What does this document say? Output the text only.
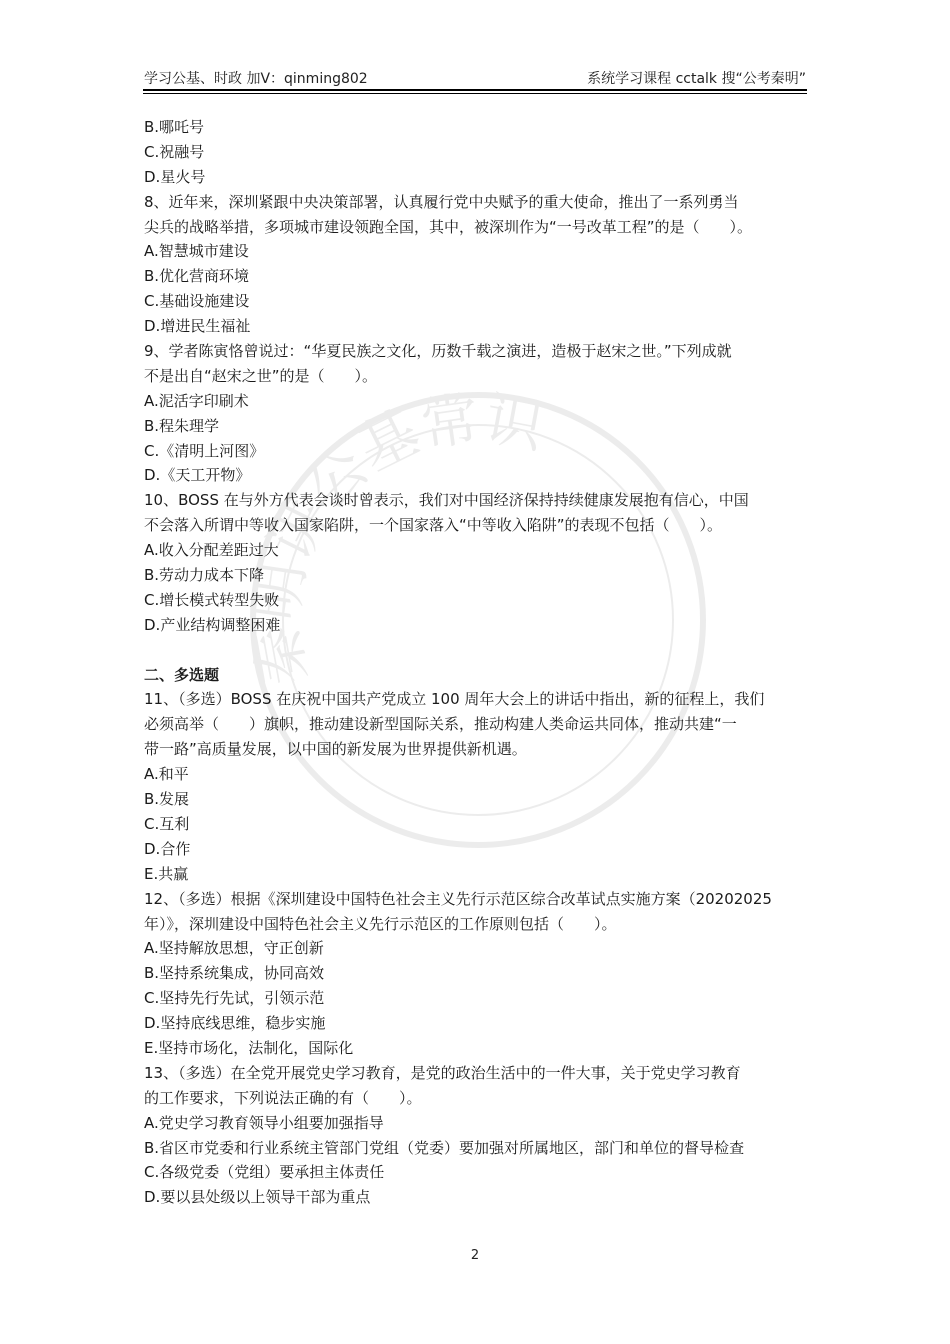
学习公基、时政 加V：qinming802	系统学习课程 cctalk 搜“公考秦明”
秦明讲公基常识
B.哪吒号
C.祝融号
D.星火号
8、近年来，深圳紧跟中央决策部署，认真履行党中央赋予的重大使命，推出了一系列勇当
尖兵的战略举措，多项城市建设领跑全国，其中，被深圳作为“一号改革工程”的是（　　）。
A.智慧城市建设
B.优化营商环境
C.基础设施建设
D.增进民生福祉
9、学者陈寅恪曾说过：“华夏民族之文化，历数千载之演进，造极于赵宋之世。”下列成就
不是出自“赵宋之世”的是（　　）。
A.泥活字印刷术
B.程朱理学
C.《清明上河图》
D.《天工开物》
10、BOSS 在与外方代表会谈时曾表示，我们对中国经济保持持续健康发展抱有信心，中国
不会落入所谓中等收入国家陷阱，一个国家落入“中等收入陷阱”的表现不包括（　　）。
A.收入分配差距过大
B.劳动力成本下降
C.增长模式转型失败
D.产业结构调整困难
二、多选题
11、（多选）BOSS 在庆祝中国共产党成立 100 周年大会上的讲话中指出，新的征程上，我们
必须高举（　　）旗帜，推动建设新型国际关系，推动构建人类命运共同体，推动共建“一
带一路”高质量发展，以中国的新发展为世界提供新机遇。
A.和平
B.发展
C.互利
D.合作
E.共赢
12、（多选）根据《深圳建设中国特色社会主义先行示范区综合改革试点实施方案（20202025
年）》，深圳建设中国特色社会主义先行示范区的工作原则包括（　　）。
A.坚持解放思想，守正创新
B.坚持系统集成，协同高效
C.坚持先行先试，引领示范
D.坚持底线思维，稳步实施
E.坚持市场化，法制化，国际化
13、（多选）在全党开展党史学习教育，是党的政治生活中的一件大事，关于党史学习教育
的工作要求，下列说法正确的有（　　）。
A.党史学习教育领导小组要加强指导
B.省区市党委和行业系统主管部门党组（党委）要加强对所属地区，部门和单位的督导检查
C.各级党委（党组）要承担主体责任
D.要以县处级以上领导干部为重点
2
